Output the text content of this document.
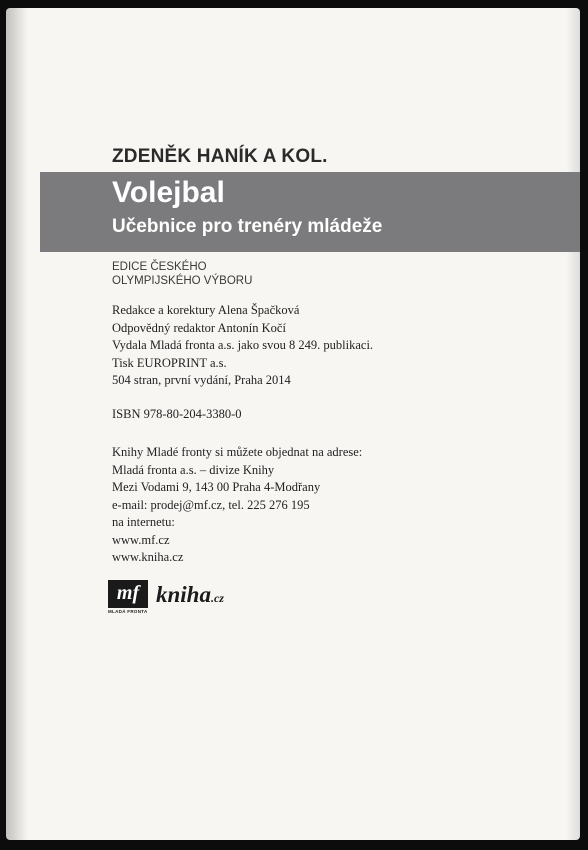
ZDENĚK HANÍK A KOL.
Volejbal
Učebnice pro trenéry mládeže
EDICE ČESKÉHO
OLYMPIJSKÉHO VÝBORU
Redakce a korektury Alena Špačková
Odpovědný redaktor Antonín Kočí
Vydala Mladá fronta a.s. jako svou 8 249. publikaci.
Tisk EUROPRINT a.s.
504 stran, první vydání, Praha 2014
ISBN 978-80-204-3380-0
Knihy Mladé fronty si můžete objednat na adrese:
Mladá fronta a.s. – divize Knihy
Mezi Vodami 9, 143 00 Praha 4-Modřany
e-mail: prodej@mf.cz, tel. 225 276 195
na internetu:
www.mf.cz
www.kniha.cz
mf
MLADÁ FRONTA
kniha.cz
